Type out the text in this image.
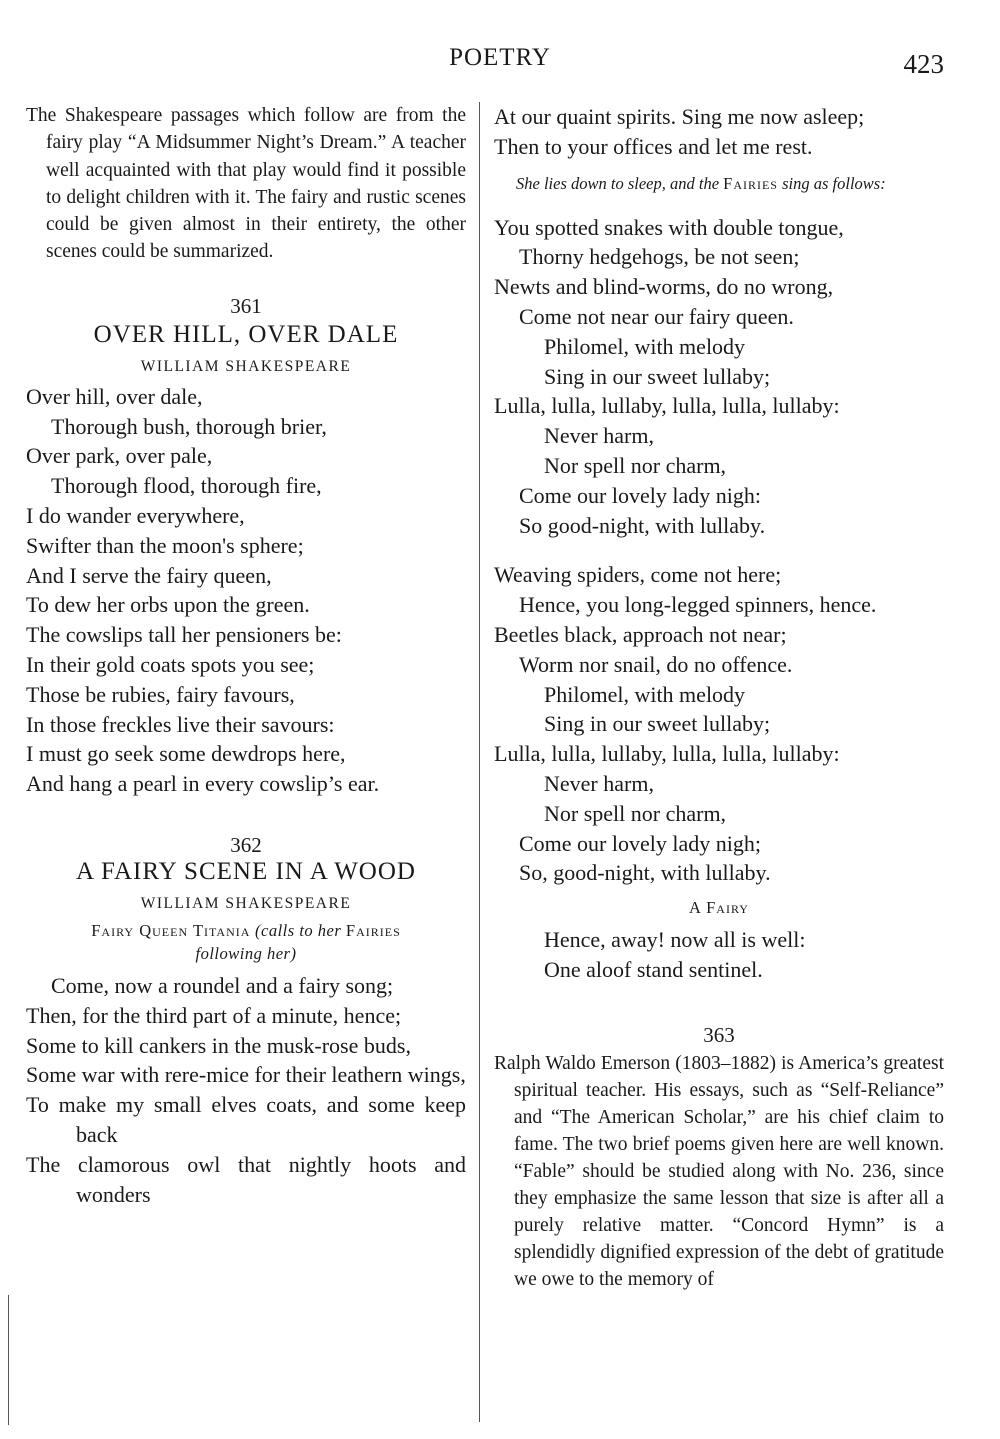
POETRY	423

The Shakespeare passages which follow are from the fairy play “A Midsummer Night’s Dream.” A teacher well acquainted with that play would find it possible to delight children with it. The fairy and rustic scenes could be given almost in their entirety, the other scenes could be summarized.

361

OVER HILL, OVER DALE

WILLIAM SHAKESPEARE

Over hill, over dale,
Thorough bush, thorough brier,
Over park, over pale,
Thorough flood, thorough fire,
I do wander everywhere,
Swifter than the moon's sphere;
And I serve the fairy queen,
To dew her orbs upon the green.
The cowslips tall her pensioners be:
In their gold coats spots you see;
Those be rubies, fairy favours,
In those freckles live their savours:
I must go seek some dewdrops here,
And hang a pearl in every cowslip’s ear.

362

A FAIRY SCENE IN A WOOD

WILLIAM SHAKESPEARE

Fairy Queen Titania (calls to her Fairies
following her)

Come, now a roundel and a fairy song;
Then, for the third part of a minute, hence;
Some to kill cankers in the musk-rose buds,
Some war with rere-mice for their leathern wings,
To make my small elves coats, and some keep back
The clamorous owl that nightly hoots and wonders
At our quaint spirits. Sing me now asleep;
Then to your offices and let me rest.

She lies down to sleep, and the Fairies sing as follows:

You spotted snakes with double tongue,
Thorny hedgehogs, be not seen;
Newts and blind-worms, do no wrong,
Come not near our fairy queen.
Philomel, with melody
Sing in our sweet lullaby;
Lulla, lulla, lullaby, lulla, lulla, lullaby:
Never harm,
Nor spell nor charm,
Come our lovely lady nigh:
So good-night, with lullaby.
Weaving spiders, come not here;
Hence, you long-legged spinners, hence.
Beetles black, approach not near;
Worm nor snail, do no offence.
Philomel, with melody
Sing in our sweet lullaby;
Lulla, lulla, lullaby, lulla, lulla, lullaby:
Never harm,
Nor spell nor charm,
Come our lovely lady nigh;
So, good-night, with lullaby.

A Fairy

Hence, away! now all is well:
One aloof stand sentinel.

363

Ralph Waldo Emerson (1803–1882) is America’s greatest spiritual teacher. His essays, such as “Self-Reliance” and “The American Scholar,” are his chief claim to fame. The two brief poems given here are well known. “Fable” should be studied along with No. 236, since they emphasize the same lesson that size is after all a purely relative matter. “Concord Hymn” is a splendidly dignified expression of the debt of gratitude we owe to the memory of
